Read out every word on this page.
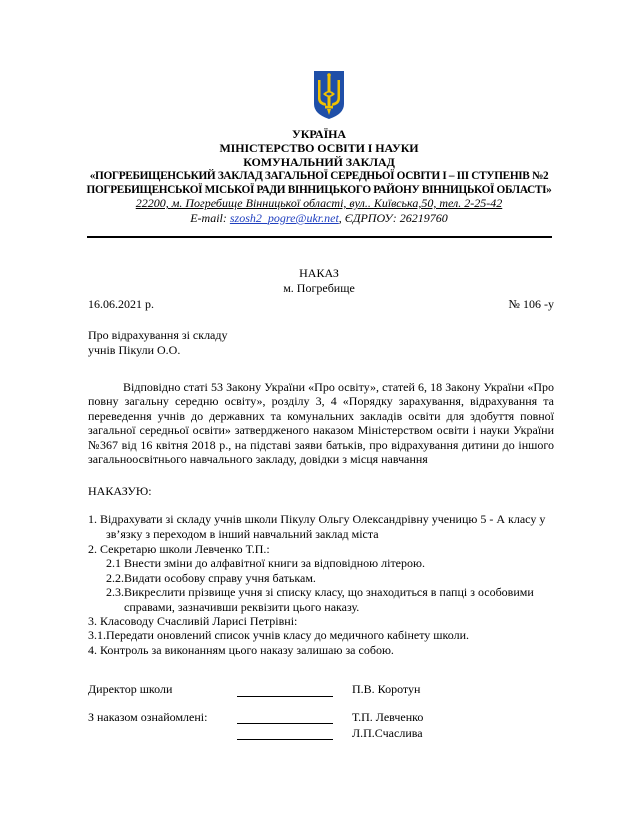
УКРАЇНА
МІНІСТЕРСТВО ОСВІТИ І НАУКИ
КОМУНАЛЬНИЙ ЗАКЛАД
«ПОГРЕБИЩЕНСЬКИЙ ЗАКЛАД ЗАГАЛЬНОЇ СЕРЕДНЬОЇ ОСВІТИ І – ІІІ СТУПЕНІВ №2
ПОГРЕБИЩЕНСЬКОЇ МІСЬКОЇ РАДИ ВІННИЦЬКОГО РАЙОНУ ВІННИЦЬКОЇ ОБЛАСТІ»
22200, м. Погребище Вінницької області, вул.. Київська,50, тел. 2-25-42
E-mail: szosh2_pogre@ukr.net, ЄДРПОУ: 26219760
НАКАЗ
м. Погребище
16.06.2021 р.	№ 106 -у
Про відрахування зі складу
учнів Пікули О.О.
Відповідно статі 53 Закону України «Про освіту», статей 6, 18 Закону України «Про повну загальну середню освіту», розділу 3, 4 «Порядку зарахування, відрахування та переведення учнів до державних та комунальних закладів освіти для здобуття повної загальної середньої освіти» затвердженого наказом Міністерством освіти і науки України №367 від 16 квітня 2018 р., на підставі заяви батьків, про відрахування дитини до іншого загальноосвітнього навчального закладу, довідки з місця навчання
НАКАЗУЮ:
1. Відрахувати зі складу учнів школи Пікулу Ольгу Олександрівну ученицю 5 - А класу у
зв’язку з переходом в інший навчальний заклад міста
2. Секретарю школи Левченко Т.П.:
2.1 Внести зміни до алфавітної книги за відповідною літерою.
2.2.Видати особову справу учня батькам.
2.3.Викреслити прізвище учня зі списку класу, що знаходиться в папці з особовими
справами, зазначивши реквізити цього наказу.
3. Класоводу Счасливій Ларисі Петрівні:
3.1.Передати оновлений список учнів класу до медичного кабінету школи.
4. Контроль за виконанням цього наказу залишаю за собою.
Директор школи	П.В. Коротун
З наказом ознайомлені:	Т.П. Левченко
Л.П.Счаслива
